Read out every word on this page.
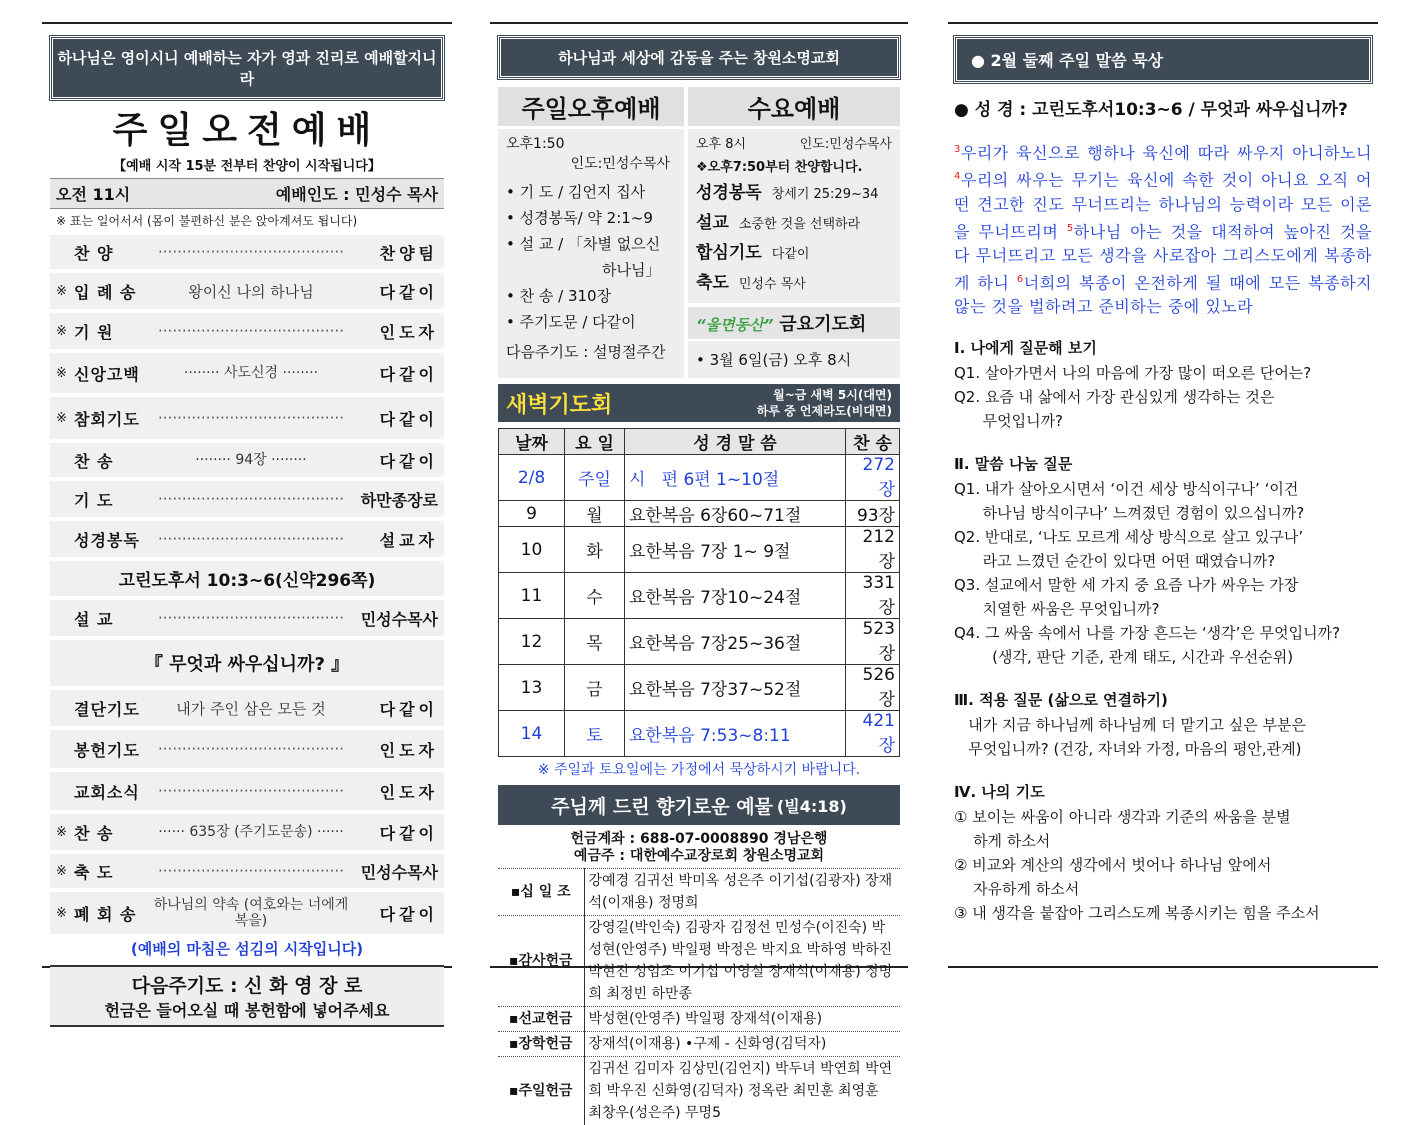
하나님은 영이시니 예배하는 자가 영과 진리로 예배할지니라
주일오전예배
【예배 시작 15분 전부터 찬양이 시작됩니다】
오전 11시	예배인도 : 민성수 목사
※ 표는 일어서서 (몸이 불편하신 분은 앉아계셔도 됩니다)
찬 양 ·····	찬양팀
※ 입 례 송	왕이신 나의 하나님	다같이
※ 기 원 ·····	인도자
※ 신앙고백	········ 사도신경 ········	다같이
※ 참회기도 ·····	다같이
찬 송	········ 94장 ········	다같이
기 도 ·····	하만종장로
성경봉독 ·····	설교자
고린도후서 10:3~6(신약296쪽)
설 교 ·····	민성수목사
『 무엇과 싸우십니까? 』
결단기도	내가 주인 삼은 모든 것	다같이
봉헌기도 ·····	인도자
교회소식 ·····	인도자
※ 찬 송	······ 635장 (주기도문송) ······	다같이
※ 축 도 ·····	민성수목사
※ 폐 회 송	하나님의 약속 (여호와는 너에게 복을)	다같이
(예배의 마침은 섬김의 시작입니다)
다음주기도 : 신 화 영 장 로
헌금은 들어오실 때 봉헌함에 넣어주세요
하나님과 세상에 감동을 주는 창원소명교회
주일오후예배
오후1:50
인도:민성수목사
• 기 도 / 김언지 집사
• 성경봉독/ 약 2:1~9
• 설 교 / 「차별 없으신
하나님」
• 찬 송 / 310장
• 주기도문 / 다같이
다음주기도 : 설명절주간
수요예배
오후 8시	인도:민성수목사
❖오후7:50부터 찬양합니다.
성경봉독 창세기 25:29~34
설교 소중한 것을 선택하라
합심기도 다같이
축도 민성수 목사
“울면동산” 금요기도회
• 3월 6일(금) 오후 8시
새벽기도회	월~금 새벽 5시(대면)
하루 중 언제라도(비대면)
날짜	요 일	성 경 말 씀	찬 송
2/8	주일	시   편 6편 1~10절	272장
9	월	요한복음 6장60~71절	93장
10	화	요한복음 7장 1~ 9절	212장
11	수	요한복음 7장10~24절	331장
12	목	요한복음 7장25~36절	523장
13	금	요한복음 7장37~52절	526장
14	토	요한복음 7:53~8:11	421장
※ 주일과 토요일에는 가정에서 묵상하시기 바랍니다.
주님께 드린 향기로운 예물 (빌4:18)
헌금계좌 : 688-07-0008890 경남은행
예금주 : 대한예수교장로회 창원소명교회
▪십 일 조	강예경 김귀선 박미옥 성은주 이기섭(김광자) 장재석(이재용) 정명희
▪감사헌금	강영길(박인숙) 김광자 김정선 민성수(이진숙) 박성현(안영주) 박일평 박정은 박지요 박하영 박하진 박현진 성임조 이기섭 이영실 장재석(이재용) 정명희 최정빈 하만종
▪선교헌금	박성현(안영주) 박일평 장재석(이재용)
▪장학헌금	장재석(이재용) •구제 - 신화영(김덕자)
▪주일헌금	김귀선 김미자 김상민(김언지) 박두녀 박연희 박연희 박우진 신화영(김덕자) 정옥란 최민훈 최영훈 최창우(성은주) 무명5
● 2월 둘째 주일 말씀 묵상
● 성 경 : 고린도후서10:3~6 / 무엇과 싸우십니까?
$^3$우리가 육신으로 행하나 육신에 따라 싸우지 아니하노니 $^4$우리의 싸우는 무기는 육신에 속한 것이 아니요 오직 어떤 견고한 진도 무너뜨리는 하나님의 능력이라 모든 이론을 무너뜨리며 $^5$하나님 아는 것을 대적하여 높아진 것을 다 무너뜨리고 모든 생각을 사로잡아 그리스도에게 복종하게 하니 $^6$너희의 복종이 온전하게 될 때에 모든 복종하지 않는 것을 벌하려고 준비하는 중에 있노라
Ⅰ. 나에게 질문해 보기
Q1. 살아가면서 나의 마음에 가장 많이 떠오른 단어는?
Q2. 요즘 내 삶에서 가장 관심있게 생각하는 것은
무엇입니까?
Ⅱ. 말씀 나눔 질문
Q1. 내가 살아오시면서 ‘이건 세상 방식이구나’ ‘이건
하나님 방식이구나’ 느껴졌던 경험이 있으십니까?
Q2. 반대로, ‘나도 모르게 세상 방식으로 살고 있구나’
라고 느꼈던 순간이 있다면 어떤 때였습니까?
Q3. 설교에서 말한 세 가지 중 요즘 나가 싸우는 가장
치열한 싸움은 무엇입니까?
Q4. 그 싸움 속에서 나를 가장 흔드는 ‘생각’은 무엇입니까?
(생각, 판단 기준, 관계 태도, 시간과 우선순위)
Ⅲ. 적용 질문 (삶으로 연결하기)
내가 지금 하나님께 하나님께 더 맡기고 싶은 부분은
무엇입니까? (건강, 자녀와 가정, 마음의 평안,관계)
Ⅳ. 나의 기도
① 보이는 싸움이 아니라 생각과 기준의 싸움을 분별
하게 하소서
② 비교와 계산의 생각에서 벗어나 하나님 앞에서
자유하게 하소서
③ 내 생각을 붙잡아 그리스도께 복종시키는 힘을 주소서
